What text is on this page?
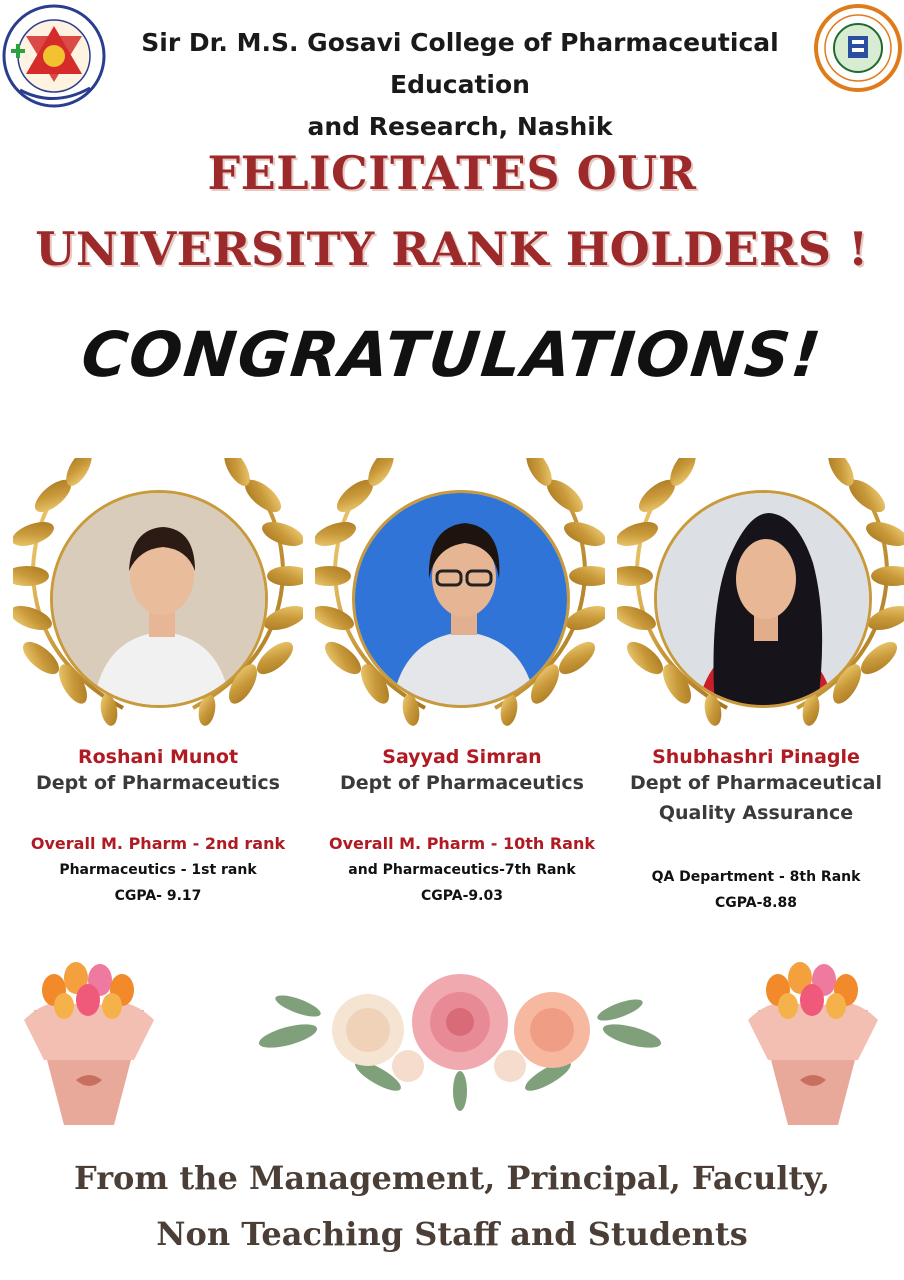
Sir Dr. M.S. Gosavi College of Pharmaceutical Education
and Research, Nashik
FELICITATES OUR
UNIVERSITY RANK HOLDERS !
CONGRATULATIONS!
Roshani Munot
Dept of Pharmaceutics
Overall M. Pharm - 2nd rank
Pharmaceutics - 1st rank
CGPA- 9.17
Sayyad Simran
Dept of Pharmaceutics
Overall M. Pharm - 10th Rank
and Pharmaceutics-7th Rank
CGPA-9.03
Shubhashri Pinagle
Dept of Pharmaceutical
Quality Assurance
QA Department - 8th Rank
CGPA-8.88
From the Management, Principal, Faculty,
Non Teaching Staff and Students
